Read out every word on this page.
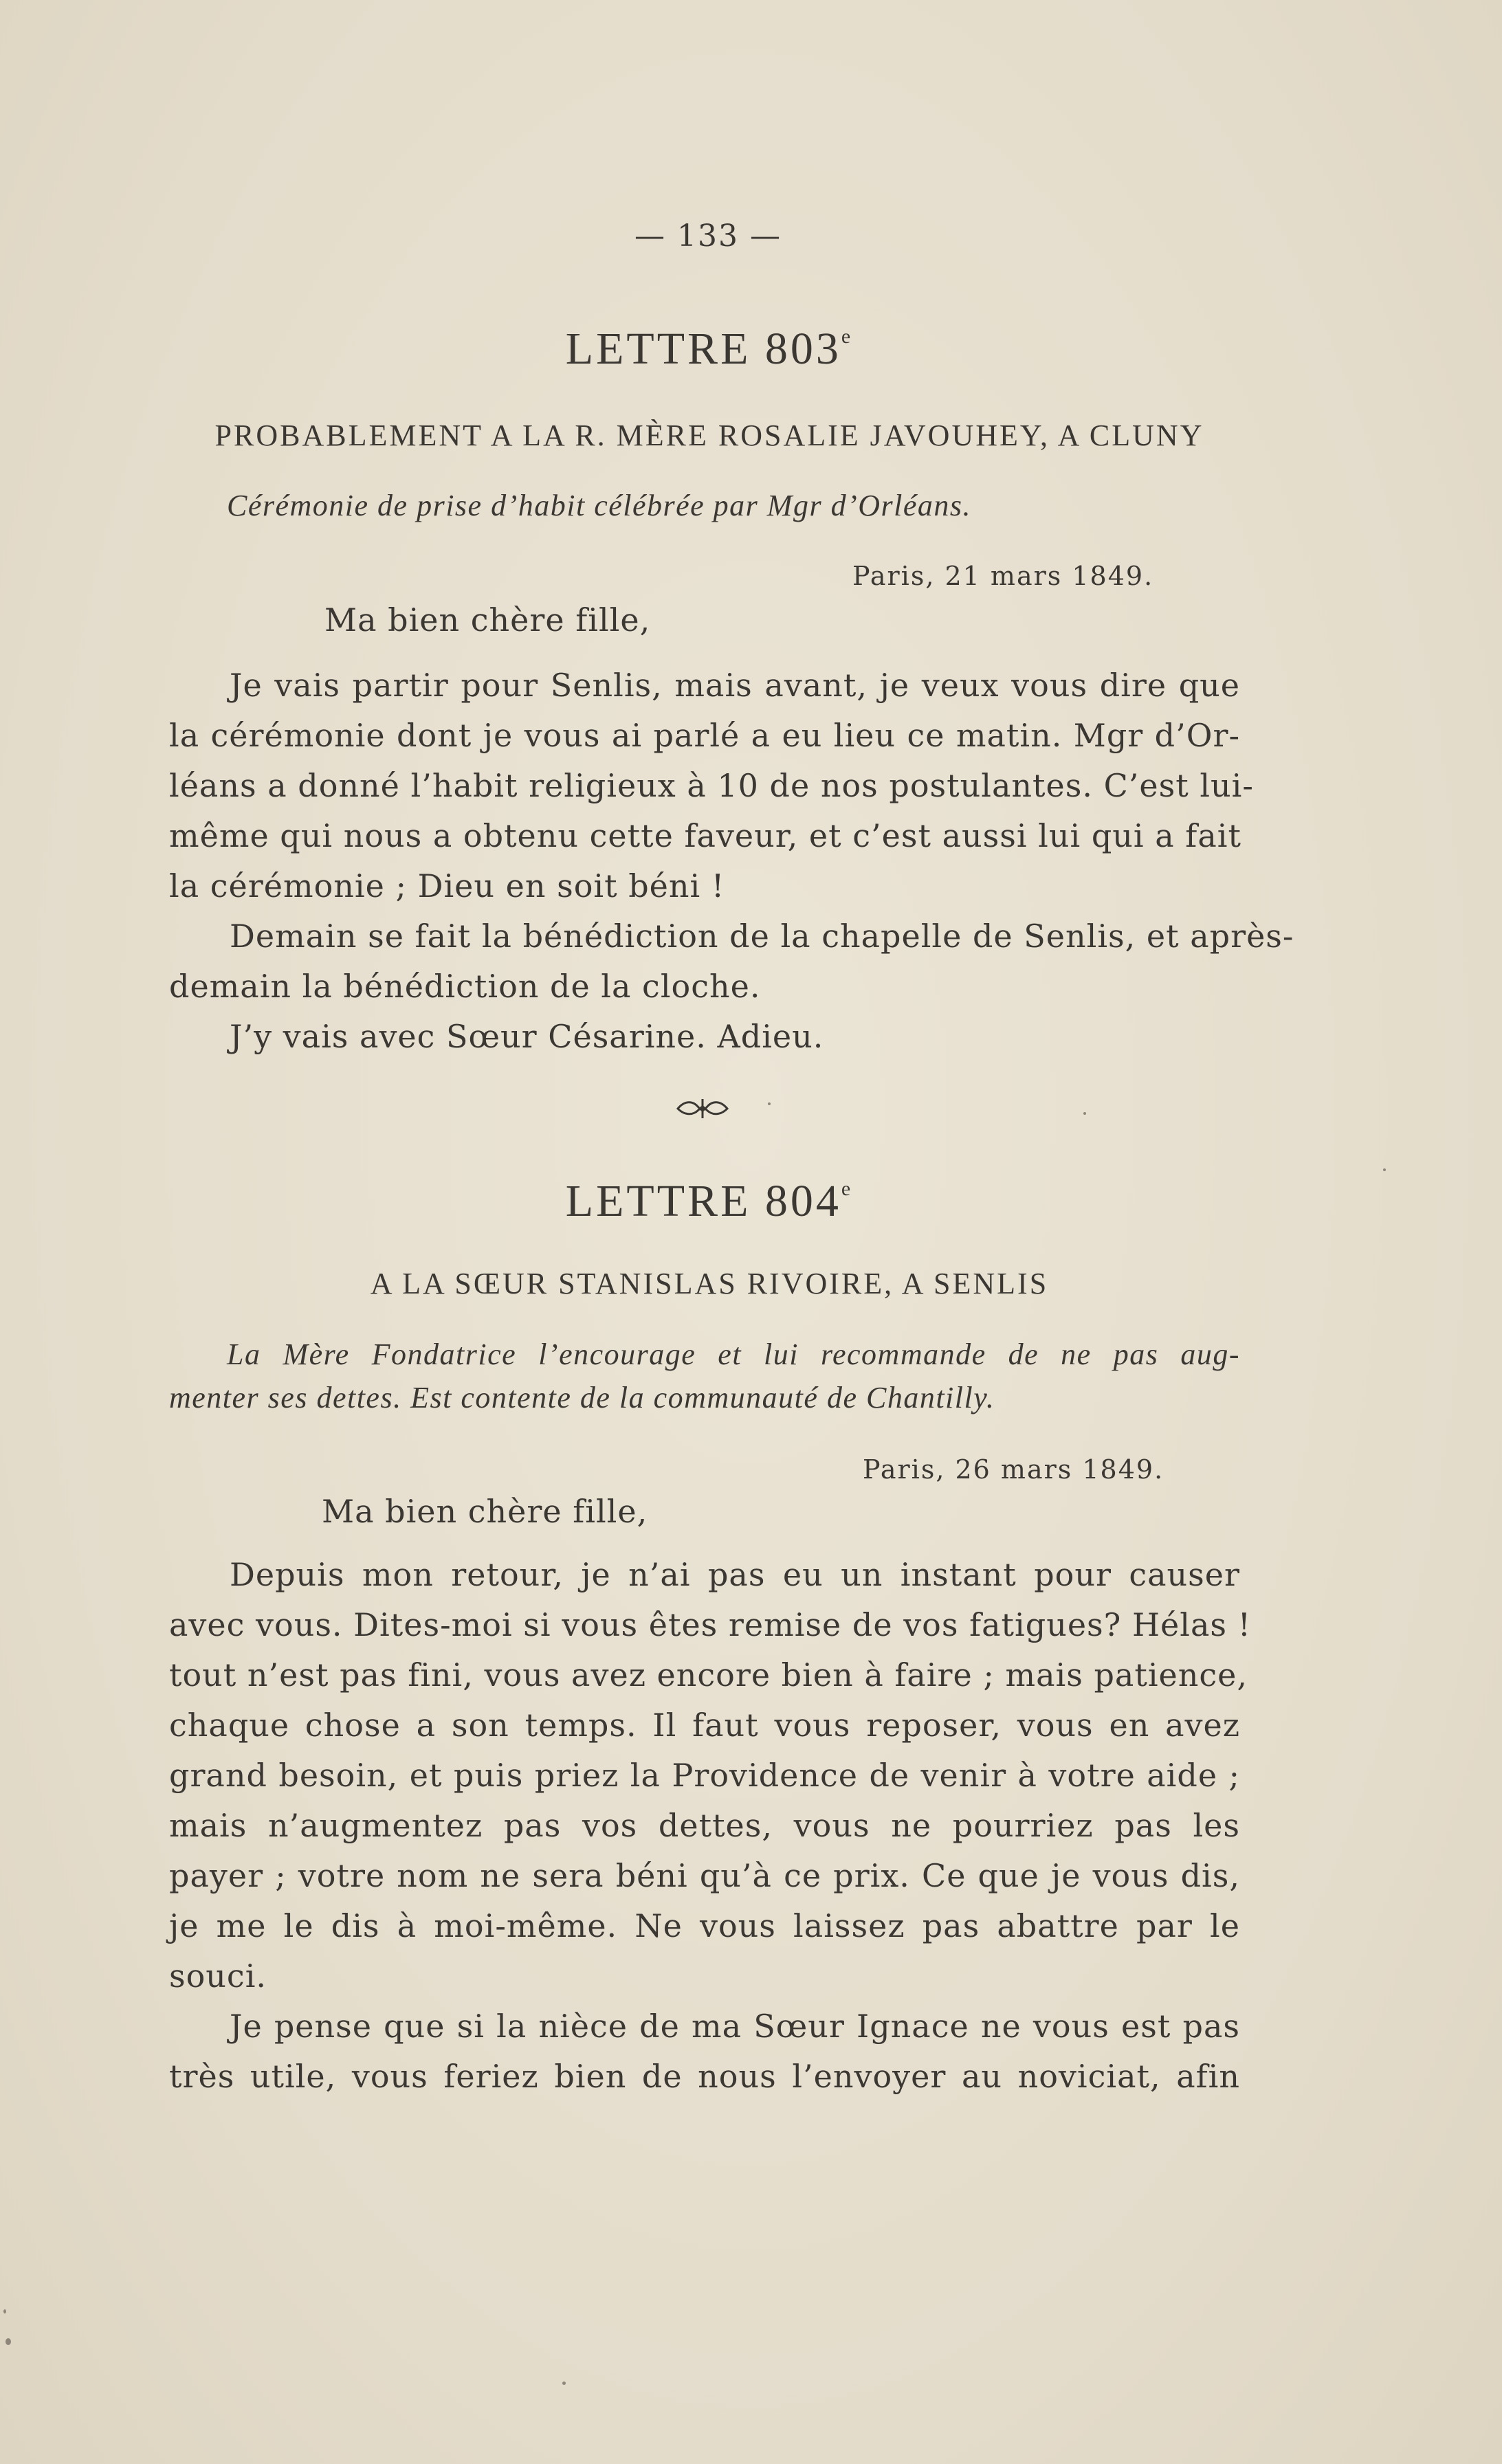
— 133 —
LETTRE 803e
PROBABLEMENT A LA R. MÈRE ROSALIE JAVOUHEY, A CLUNY
Cérémonie de prise d’habit célébrée par Mgr d’Orléans.
Paris, 21 mars 1849.
Ma bien chère fille,
Je vais partir pour Senlis, mais avant, je veux vous dire que
la cérémonie dont je vous ai parlé a eu lieu ce matin. Mgr d’Or-
léans a donné l’habit religieux à 10 de nos postulantes. C’est lui-
même qui nous a obtenu cette faveur, et c’est aussi lui qui a fait
la cérémonie ; Dieu en soit béni !
Demain se fait la bénédiction de la chapelle de Senlis, et après-
demain la bénédiction de la cloche.
J’y vais avec Sœur Césarine. Adieu.
LETTRE 804e
A LA SŒUR STANISLAS RIVOIRE, A SENLIS
La Mère Fondatrice l’encourage et lui recommande de ne pas aug-
menter ses dettes. Est contente de la communauté de Chantilly.
Paris, 26 mars 1849.
Ma bien chère fille,
Depuis mon retour, je n’ai pas eu un instant pour causer
avec vous. Dites-moi si vous êtes remise de vos fatigues? Hélas !
tout n’est pas fini, vous avez encore bien à faire ; mais patience,
chaque chose a son temps. Il faut vous reposer, vous en avez
grand besoin, et puis priez la Providence de venir à votre aide ;
mais n’augmentez pas vos dettes, vous ne pourriez pas les
payer ; votre nom ne sera béni qu’à ce prix. Ce que je vous dis,
je me le dis à moi-même. Ne vous laissez pas abattre par le
souci.
Je pense que si la nièce de ma Sœur Ignace ne vous est pas
très utile, vous feriez bien de nous l’envoyer au noviciat, afin
